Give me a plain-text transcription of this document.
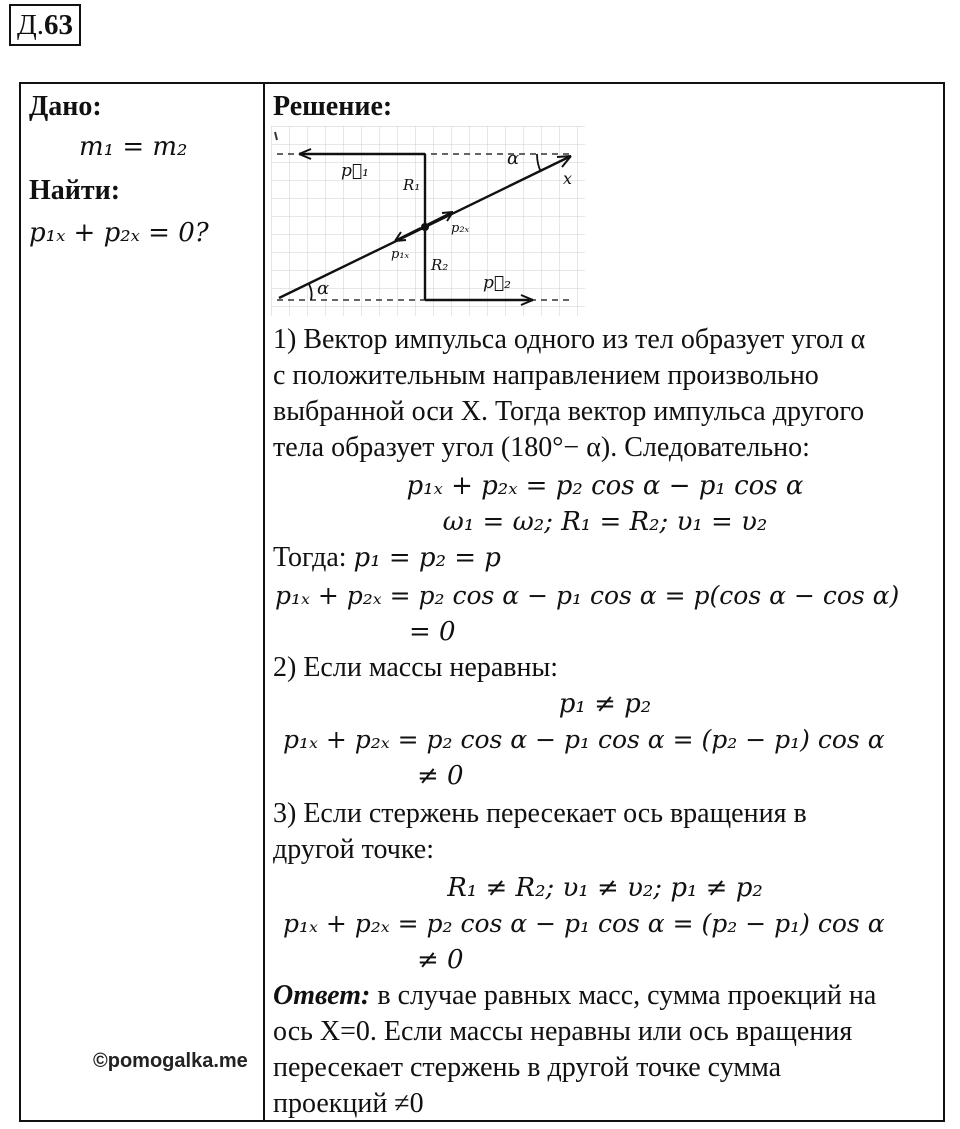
Д.63
Дано:
m₁ = m₂
Найти:
p₁ₓ + p₂ₓ = 0?
©pomogalka.me

Решение:
p⃗₁
p⃗₂
R₁
R₂
p₁ₓ
p₂ₓ
α
α
x
1) Вектор импульса одного из тел образует угол α
с положительным направлением произвольно
выбранной оси X. Тогда вектор импульса другого
тела образует угол (180°− α). Следовательно:
p₁ₓ + p₂ₓ = p₂ cos α − p₁ cos α
ω₁ = ω₂; R₁ = R₂; υ₁ = υ₂
Тогда: p₁ = p₂ = p
p₁ₓ + p₂ₓ = p₂ cos α − p₁ cos α = p(cos α − cos α)
= 0
2) Если массы неравны:
p₁ ≠ p₂
p₁ₓ + p₂ₓ = p₂ cos α − p₁ cos α = (p₂ − p₁) cos α
≠ 0
3) Если стержень пересекает ось вращения в
другой точке:
R₁ ≠ R₂; υ₁ ≠ υ₂; p₁ ≠ p₂
p₁ₓ + p₂ₓ = p₂ cos α − p₁ cos α = (p₂ − p₁) cos α
≠ 0
Ответ: в случае равных масс, сумма проекций на
ось X=0. Если массы неравны или ось вращения
пересекает стержень в другой точке сумма
проекций ≠0
